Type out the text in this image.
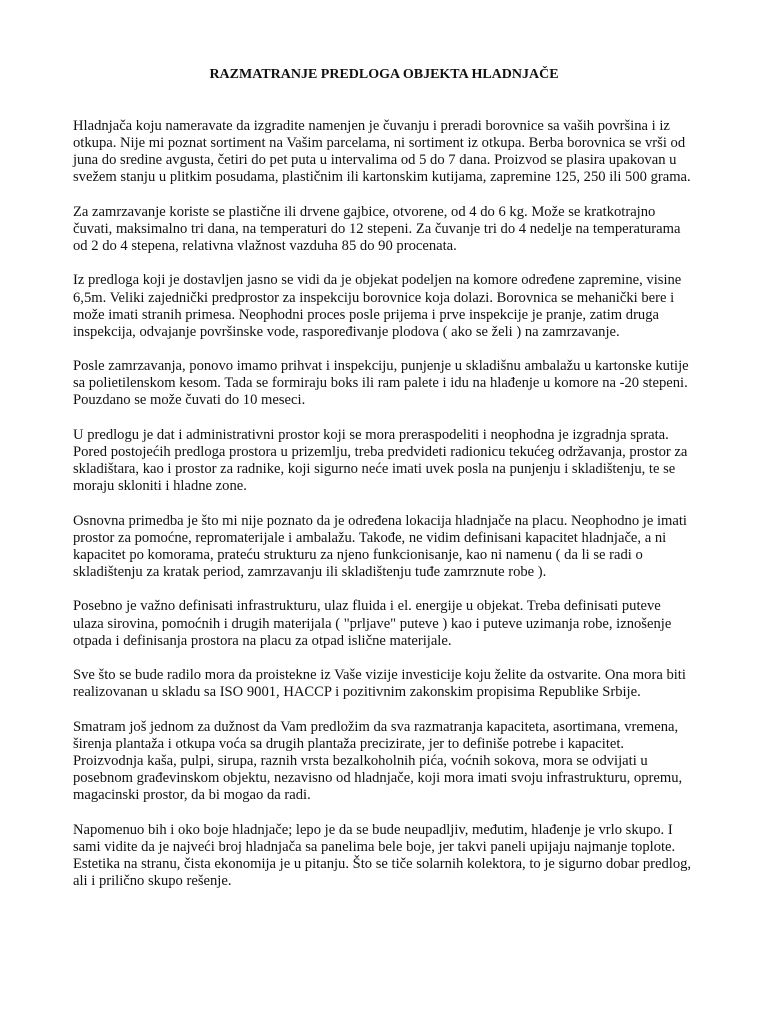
RAZMATRANJE PREDLOGA OBJEKTA HLADNJAČE

Hladnjača koju nameravate da izgradite namenjen je čuvanju i preradi borovnice sa vaših površina i iz otkupa. Nije mi poznat sortiment na Vašim parcelama, ni sortiment iz otkupa. Berba borovnica se vrši od juna do sredine avgusta, četiri do pet puta u intervalima od 5 do 7 dana. Proizvod se plasira upakovan u svežem stanju u plitkim posudama, plastičnim ili kartonskim kutijama, zapremine 125, 250 ili 500 grama.

Za zamrzavanje koriste se plastične ili drvene gajbice, otvorene, od 4 do 6 kg. Može se kratkotrajno čuvati, maksimalno tri dana, na temperaturi do 12 stepeni. Za čuvanje tri do 4 nedelje na temperaturama od 2 do 4 stepena, relativna vlažnost vazduha 85 do 90 procenata.

Iz predloga koji je dostavljen jasno se vidi da je objekat podeljen na komore određene zapremine, visine 6,5m. Veliki zajednički predprostor za inspekciju borovnice koja dolazi. Borovnica se mehanički bere i može imati stranih primesa. Neophodni proces posle prijema i prve inspekcije je pranje, zatim druga inspekcija, odvajanje površinske vode, raspoređivanje plodova ( ako se želi ) na zamrzavanje.

Posle zamrzavanja, ponovo imamo prihvat i inspekciju, punjenje u skladišnu ambalažu u kartonske kutije sa polietilenskom kesom. Tada se formiraju boks ili ram palete i idu na hlađenje u komore na -20 stepeni. Pouzdano se može čuvati do 10 meseci.

U predlogu je dat i administrativni prostor koji se mora preraspodeliti i neophodna je izgradnja sprata. Pored postojećih predloga prostora u prizemlju, treba predvideti radionicu tekućeg održavanja, prostor za skladištara, kao i prostor za radnike, koji sigurno neće imati uvek posla na punjenju i skladištenju, te se moraju skloniti i hladne zone.

Osnovna primedba je što mi nije poznato da je određena lokacija hladnjače na placu. Neophodno je imati prostor za pomoćne, repromaterijale i ambalažu. Takođe, ne vidim definisani kapacitet hladnjače, a ni kapacitet po komorama, prateću strukturu za njeno funkcionisanje, kao ni namenu ( da li se radi o skladištenju za kratak period, zamrzavanju ili skladištenju tuđe zamrznute robe ).

Posebno je važno definisati infrastrukturu, ulaz fluida i el. energije u objekat. Treba definisati puteve ulaza sirovina, pomoćnih i drugih materijala ( "prljave" puteve ) kao i puteve uzimanja robe, iznošenje otpada i definisanja prostora na placu za otpad islične materijale.

Sve što se bude radilo mora da proistekne iz Vaše vizije investicije koju želite da ostvarite. Ona mora biti realizovanan u skladu sa ISO 9001, HACCP i pozitivnim zakonskim propisima Republike Srbije.

Smatram još jednom za dužnost da Vam predložim da sva razmatranja kapaciteta, asortimana, vremena, širenja plantaža i otkupa voća sa drugih plantaža precizirate, jer to definiše potrebe i kapacitet. Proizvodnja kaša, pulpi, sirupa, raznih vrsta bezalkoholnih pića, voćnih sokova, mora se odvijati u posebnom građevinskom objektu, nezavisno od hladnjače, koji mora imati svoju infrastrukturu, opremu, magacinski prostor, da bi mogao da radi.

Napomenuo bih i oko boje hladnjače; lepo je da se bude neupadljiv, međutim, hlađenje je vrlo skupo. I sami vidite da je najveći broj hladnjača sa panelima bele boje, jer takvi paneli upijaju najmanje toplote. Estetika na stranu, čista ekonomija je u pitanju. Što se tiče solarnih kolektora, to je sigurno dobar predlog, ali i prilično skupo rešenje.
